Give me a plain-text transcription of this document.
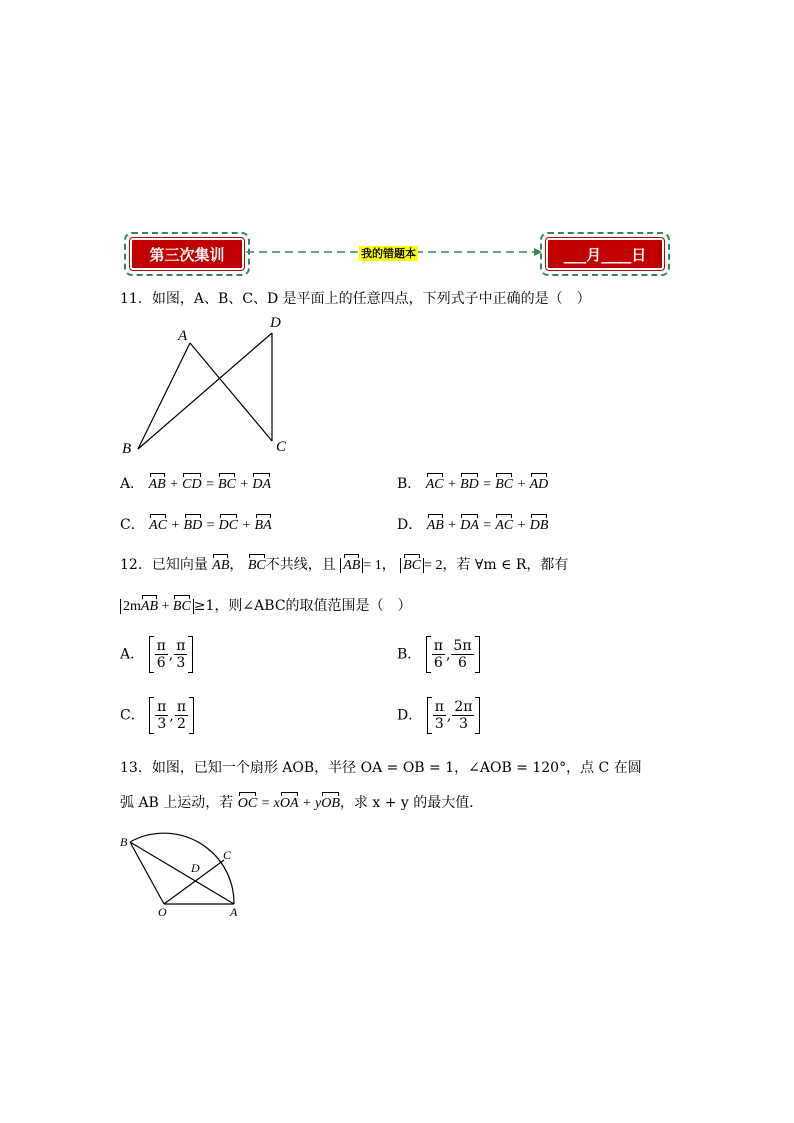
第三次集训	我的错题本	___月____日
11．如图，A、B、C、D 是平面上的任意四点，下列式子中正确的是（　）
A
D
B	C
A． AB + CD = BC + DA	B． AC + BD = BC + AD
C． AC + BD = DC + BA	D． AB + DA = AC + DB
12．已知向量 AB， BC不共线，且 AB = 1， BC = 2，若 ∀m ∈ R，都有
2mAB + BC ≥1，则∠ABC的取值范围是（　）
A． $\frac{\pi}{6}$ , $\frac{\pi}{3}$	B． $\frac{\pi}{6}$ , $\frac{5\pi}{6}$
C． $\frac{\pi}{3}$ , $\frac{\pi}{2}$	D． $\frac{\pi}{3}$ , $\frac{2\pi}{3}$
13．如图，已知一个扇形 AOB，半径 OA = OB = 1，∠AOB = 120°，点 C 在圆
弧 AB 上运动，若 OC = xOA + yOB，求 x + y 的最大值．
B
C
D
O	A
